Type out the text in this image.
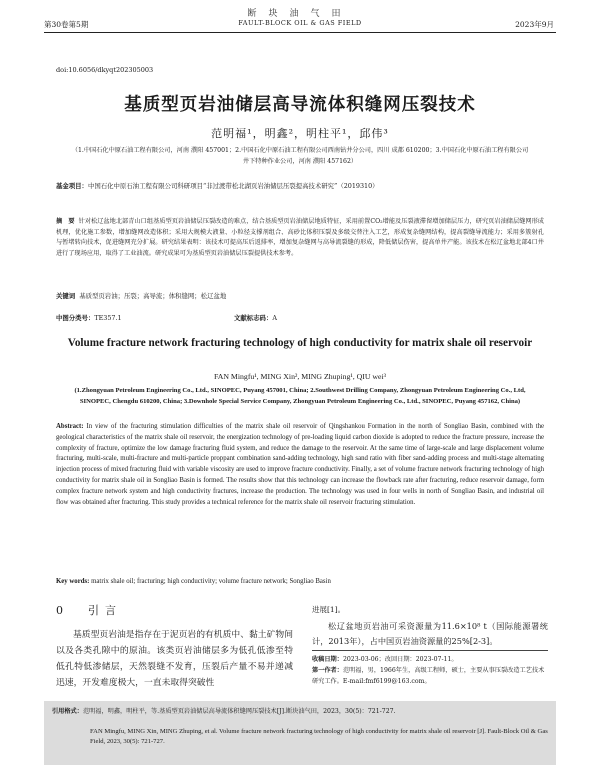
断块油气田
第30卷第5期	FAULT-BLOCK OIL & GAS FIELD	2023年9月
doi:10.6056/dkyqt202305003
基质型页岩油储层高导流体积缝网压裂技术
范明福¹，明鑫²，明柱平¹，邱伟³
（1.中国石化中原石油工程有限公司，河南 濮阳 457001；2.中国石化中原石油工程有限公司西南钻井分公司，四川 成都 610200；3.中国石化中原石油工程有限公司井下特种作业公司，河南 濮阳 457162）
基金项目：中国石化中原石油工程有限公司科研项目“非过渡带松北湖页岩油储层压裂提高技术研究”（2019310）
摘　要 针对松辽盆地北部青山口组基质型页岩油储层压裂改造的难点，结合基质型页岩油储层地质特征，采用前置CO₂增能及压裂液滞留增加储层压力，研究页岩油储层缝网形成机理，优化施工参数，增加缝网改造体积；采用大规模大液量、小粒径支撑剂组合、高砂比体积压裂及多级交替注入工艺，形成复杂缝网结构，提高裂缝导流能力；采用多簇射孔与暂堵转向技术，促进缝网充分扩展。研究结果表明：该技术可提高压后返排率，增加复杂缝网与高导流裂缝的形成，降低储层伤害，提高单井产能。该技术在松辽盆地北部4口井进行了现场应用，取得了工业油流。研究成果可为基质型页岩油储层压裂提供技术参考。
关键词 基质型页岩油；压裂；高导流；体积缝网；松辽盆地
中图分类号：TE357.1	文献标志码：A
Volume fracture network fracturing technology of high conductivity for matrix shale oil reservoir
FAN Mingfu¹, MING Xin², MING Zhuping¹, QIU wei³
(1.Zhongyuan Petroleum Engineering Co., Ltd., SINOPEC, Puyang 457001, China; 2.Southwest Drilling Company, Zhongyuan Petroleum Engineering Co., Ltd, SINOPEC, Chengdu 610200, China; 3.Downhole Special Service Company, Zhongyuan Petroleum Engineering Co., Ltd., SINOPEC, Puyang 457162, China)
Abstract: In view of the fracturing stimulation difficulties of the matrix shale oil reservoir of Qingshankou Formation in the north of Songliao Basin, combined with the geological characteristics of the matrix shale oil reservoir, the energization technology of pre-loading liquid carbon dioxide is adopted to reduce the fracture pressure, increase the complexity of fracture, optimize the low damage fracturing fluid system, and reduce the damage to the reservoir. At the same time of large-scale and large displacement volume fracturing, multi-scale, multi-fracture and multi-particle proppant combination sand-adding technology, high sand ratio with fiber sand-adding process and multi-stage alternating injection process of mixed fracturing fluid with variable viscosity are used to improve fracture conductivity. Finally, a set of volume fracture network fracturing technology of high conductivity for matrix shale oil in Songliao Basin is formed. The results show that this technology can increase the flowback rate after fracturing, reduce reservoir damage, form complex fracture network system and high conductivity fractures, increase the production. The technology was used in four wells in north of Songliao Basin, and industrial oil flow was obtained after fracturing. This study provides a technical reference for the matrix shale oil reservoir fracturing stimulation.
Key words: matrix shale oil; fracturing; high conductivity; volume fracture network; Songliao Basin
0 引言
基质型页岩油是指存在于泥页岩的有机质中、黏土矿物间以及各类孔隙中的原油。该类页岩油储层多为低孔低渗至特低孔特低渗储层，天然裂缝不发育，压裂后产量不易并递减迅速，开发难度极大，一直未取得突破性
进展[1]。
松辽盆地页岩油可采资源量为11.6×10⁸ t（国际能源署统计，2013年），占中国页岩油资源量的25%[2-3]。
收稿日期：2023-03-06；改回日期：2023-07-11。
第一作者：范明福，男，1966年生，高级工程师，硕士，主要从事压裂改造工艺技术研究工作。E-mail:fmf6199@163.com。
引用格式：范明福，明鑫，明柱平，等.基质型页岩油储层高导流体积缝网压裂技术[J].断块油气田，2023，30(5)：721-727.
FAN Mingfu, MING Xin, MING Zhuping, et al. Volume fracture network fracturing technology of high conductivity for matrix shale oil reservoir [J]. Fault-Block Oil & Gas Field, 2023, 30(5): 721-727.
